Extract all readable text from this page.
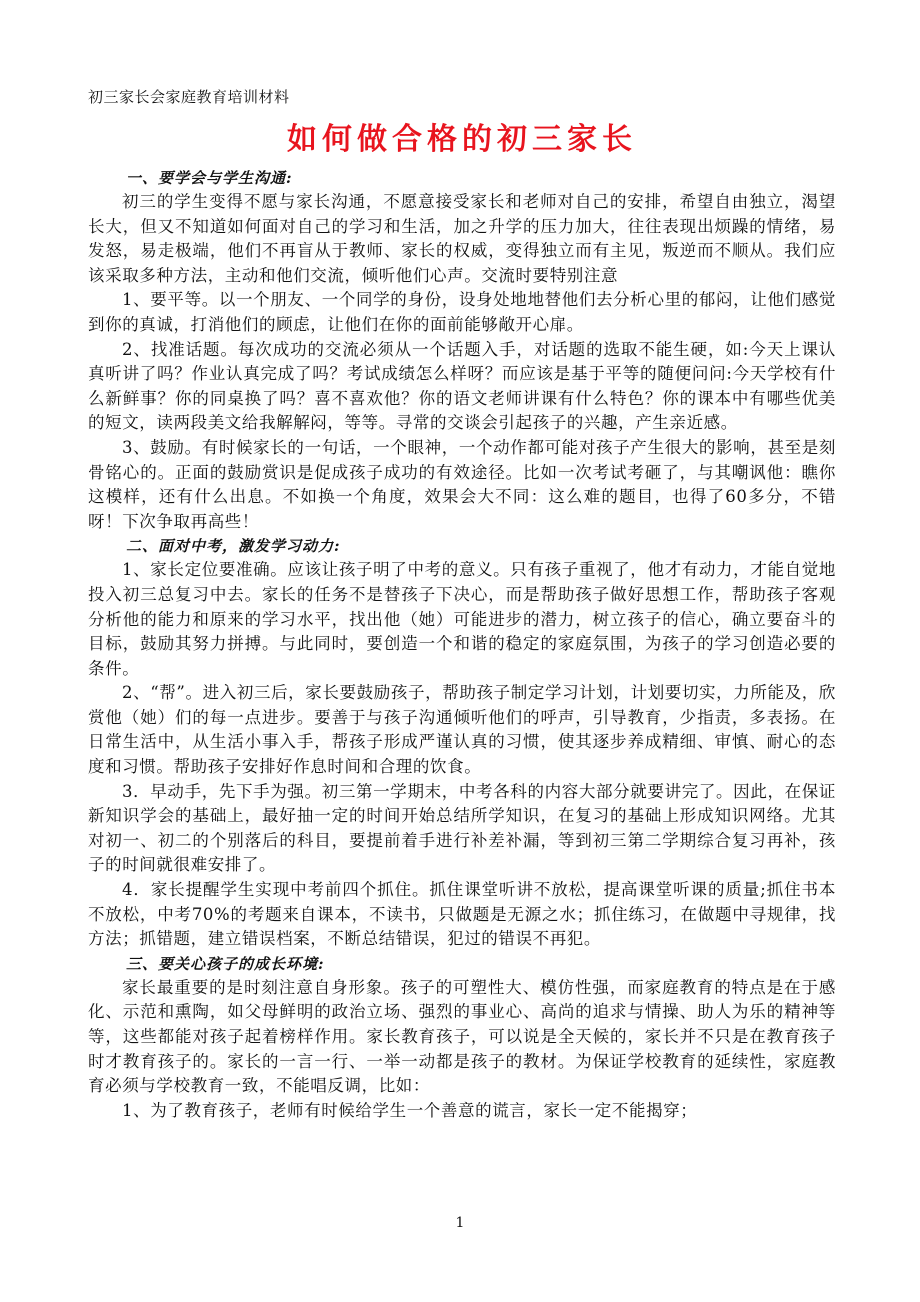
初三家长会家庭教育培训材料

如何做合格的初三家长

一、要学会与学生沟通:

初三的学生变得不愿与家长沟通，不愿意接受家长和老师对自己的安排，希望自由独立，渴望长大，但又不知道如何面对自己的学习和生活，加之升学的压力加大，往往表现出烦躁的情绪，易发怒，易走极端，他们不再盲从于教师、家长的权威，变得独立而有主见，叛逆而不顺从。我们应该采取多种方法，主动和他们交流，倾听他们心声。交流时要特别注意

1、要平等。以一个朋友、一个同学的身份，设身处地地替他们去分析心里的郁闷，让他们感觉到你的真诚，打消他们的顾虑，让他们在你的面前能够敞开心扉。

2、找准话题。每次成功的交流必须从一个话题入手，对话题的选取不能生硬，如:今天上课认真听讲了吗？作业认真完成了吗？考试成绩怎么样呀？而应该是基于平等的随便问问:今天学校有什么新鲜事？你的同桌换了吗？喜不喜欢他？你的语文老师讲课有什么特色？你的课本中有哪些优美的短文，读两段美文给我解解闷，等等。寻常的交谈会引起孩子的兴趣，产生亲近感。

3、鼓励。有时候家长的一句话，一个眼神，一个动作都可能对孩子产生很大的影响，甚至是刻骨铭心的。正面的鼓励赏识是促成孩子成功的有效途径。比如一次考试考砸了，与其嘲讽他：瞧你这模样，还有什么出息。不如换一个角度，效果会大不同：这么难的题目，也得了60多分，不错呀！下次争取再高些！

二、面对中考，激发学习动力:

1、家长定位要准确。应该让孩子明了中考的意义。只有孩子重视了，他才有动力，才能自觉地投入初三总复习中去。家长的任务不是替孩子下决心，而是帮助孩子做好思想工作，帮助孩子客观分析他的能力和原来的学习水平，找出他（她）可能进步的潜力，树立孩子的信心，确立要奋斗的目标，鼓励其努力拼搏。与此同时，要创造一个和谐的稳定的家庭氛围，为孩子的学习创造必要的条件。

2、“帮”。进入初三后，家长要鼓励孩子，帮助孩子制定学习计划，计划要切实，力所能及，欣赏他（她）们的每一点进步。要善于与孩子沟通倾听他们的呼声，引导教育，少指责，多表扬。在日常生活中，从生活小事入手，帮孩子形成严谨认真的习惯，使其逐步养成精细、审慎、耐心的态度和习惯。帮助孩子安排好作息时间和合理的饮食。

3．早动手，先下手为强。初三第一学期末，中考各科的内容大部分就要讲完了。因此，在保证新知识学会的基础上，最好抽一定的时间开始总结所学知识，在复习的基础上形成知识网络。尤其对初一、初二的个别落后的科目，要提前着手进行补差补漏，等到初三第二学期综合复习再补，孩子的时间就很难安排了。

4．家长提醒学生实现中考前四个抓住。抓住课堂听讲不放松，提高课堂听课的质量;抓住书本不放松，中考70%的考题来自课本，不读书，只做题是无源之水；抓住练习，在做题中寻规律，找方法；抓错题，建立错误档案，不断总结错误，犯过的错误不再犯。

三、要关心孩子的成长环境:

家长最重要的是时刻注意自身形象。孩子的可塑性大、模仿性强，而家庭教育的特点是在于感化、示范和熏陶，如父母鲜明的政治立场、强烈的事业心、高尚的追求与情操、助人为乐的精神等等，这些都能对孩子起着榜样作用。家长教育孩子，可以说是全天候的，家长并不只是在教育孩子时才教育孩子的。家长的一言一行、一举一动都是孩子的教材。为保证学校教育的延续性，家庭教育必须与学校教育一致，不能唱反调，比如：

1、为了教育孩子，老师有时候给学生一个善意的谎言，家长一定不能揭穿；

1
